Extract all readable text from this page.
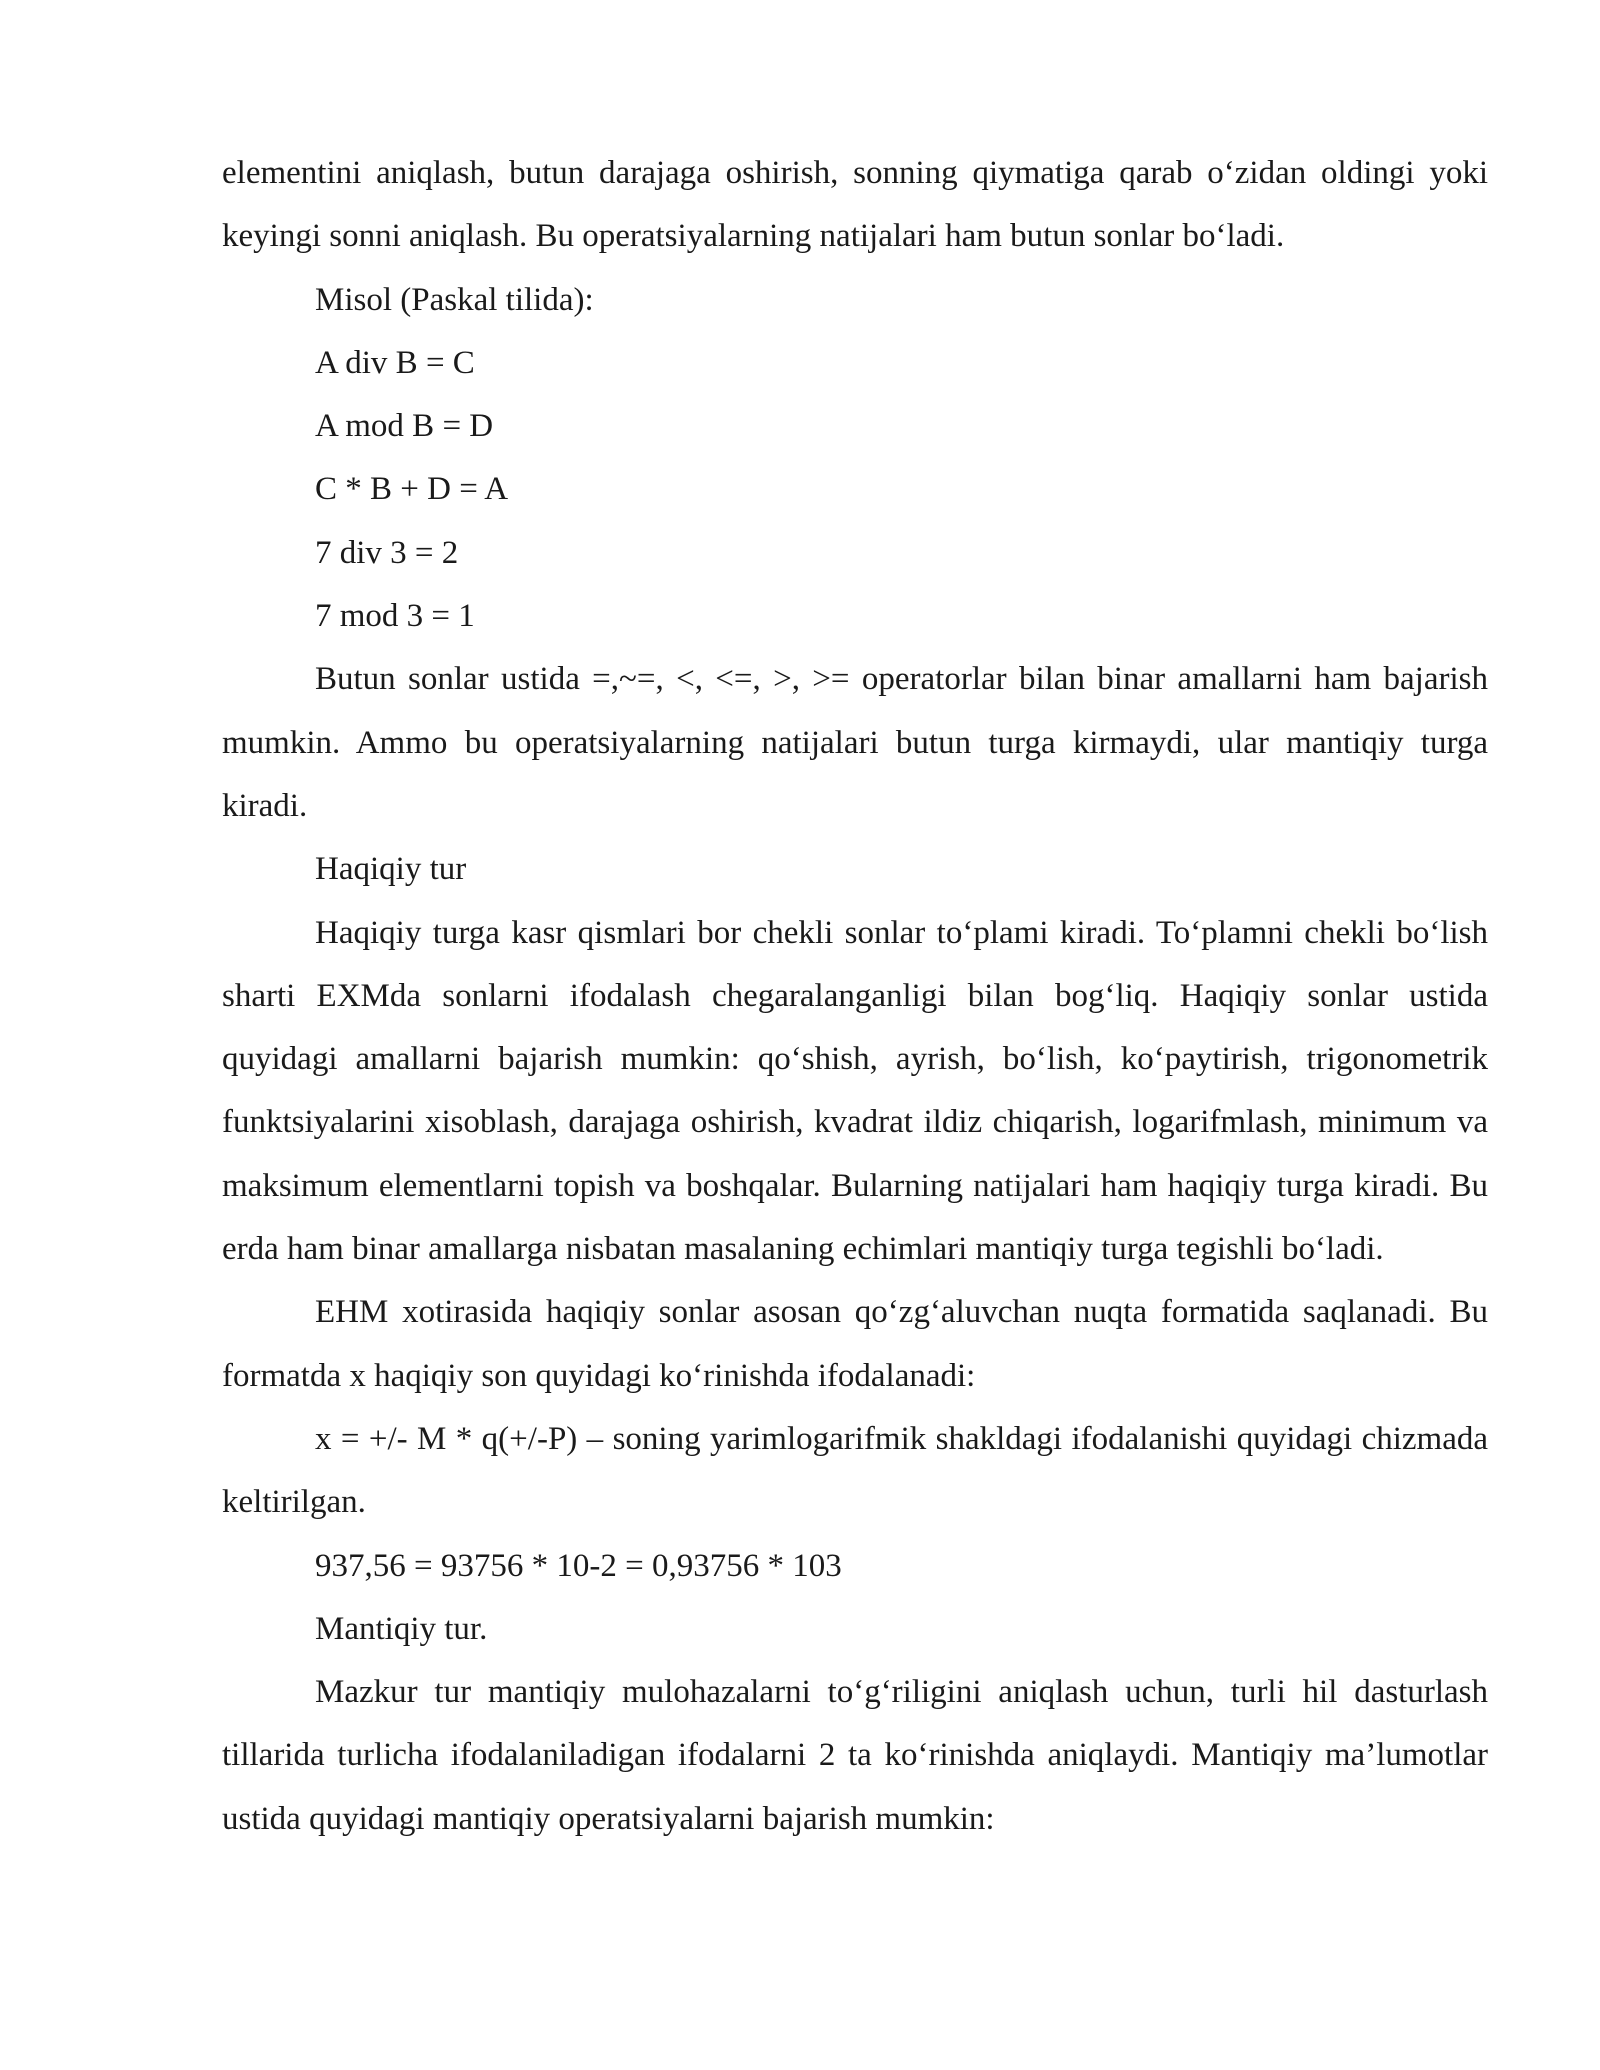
elementini aniqlash, butun darajaga oshirish, sonning qiymatiga qarab o‘zidan oldingi yoki keyingi sonni aniqlash. Bu operatsiyalarning natijalari ham butun sonlar bo‘ladi.

Misol (Paskal tilida):

A div B = C

A mod B = D

C * B + D = A

7 div 3 = 2

7 mod 3 = 1

Butun sonlar ustida =,~=, <, <=, >, >= operatorlar bilan binar amallarni ham bajarish mumkin. Ammo bu operatsiyalarning natijalari butun turga kirmaydi, ular mantiqiy turga kiradi.

Haqiqiy tur

Haqiqiy turga kasr qismlari bor chekli sonlar to‘plami kiradi. To‘plamni chekli bo‘lish sharti EXMda sonlarni ifodalash chegaralanganligi bilan bog‘liq. Haqiqiy sonlar ustida quyidagi amallarni bajarish mumkin: qo‘shish, ayrish, bo‘lish, ko‘paytirish, trigonometrik funktsiyalarini xisoblash, darajaga oshirish, kvadrat ildiz chiqarish, logarifmlash, minimum va maksimum elementlarni topish va boshqalar. Bularning natijalari ham haqiqiy turga kiradi. Bu erda ham binar amallarga nisbatan masalaning echimlari mantiqiy turga tegishli bo‘ladi.

EHM xotirasida haqiqiy sonlar asosan qo‘zg‘aluvchan nuqta formatida saqlanadi. Bu formatda x haqiqiy son quyidagi ko‘rinishda ifodalanadi:

x = +/- M * q(+/-P) – soning yarimlogarifmik shakldagi ifodalanishi quyidagi chizmada keltirilgan.

937,56 = 93756 * 10-2 = 0,93756 * 103

Mantiqiy tur.

Mazkur tur mantiqiy mulohazalarni to‘g‘riligini aniqlash uchun, turli hil dasturlash tillarida turlicha ifodalaniladigan ifodalarni 2 ta ko‘rinishda aniqlaydi. Mantiqiy ma’lumotlar ustida quyidagi mantiqiy operatsiyalarni bajarish mumkin:
